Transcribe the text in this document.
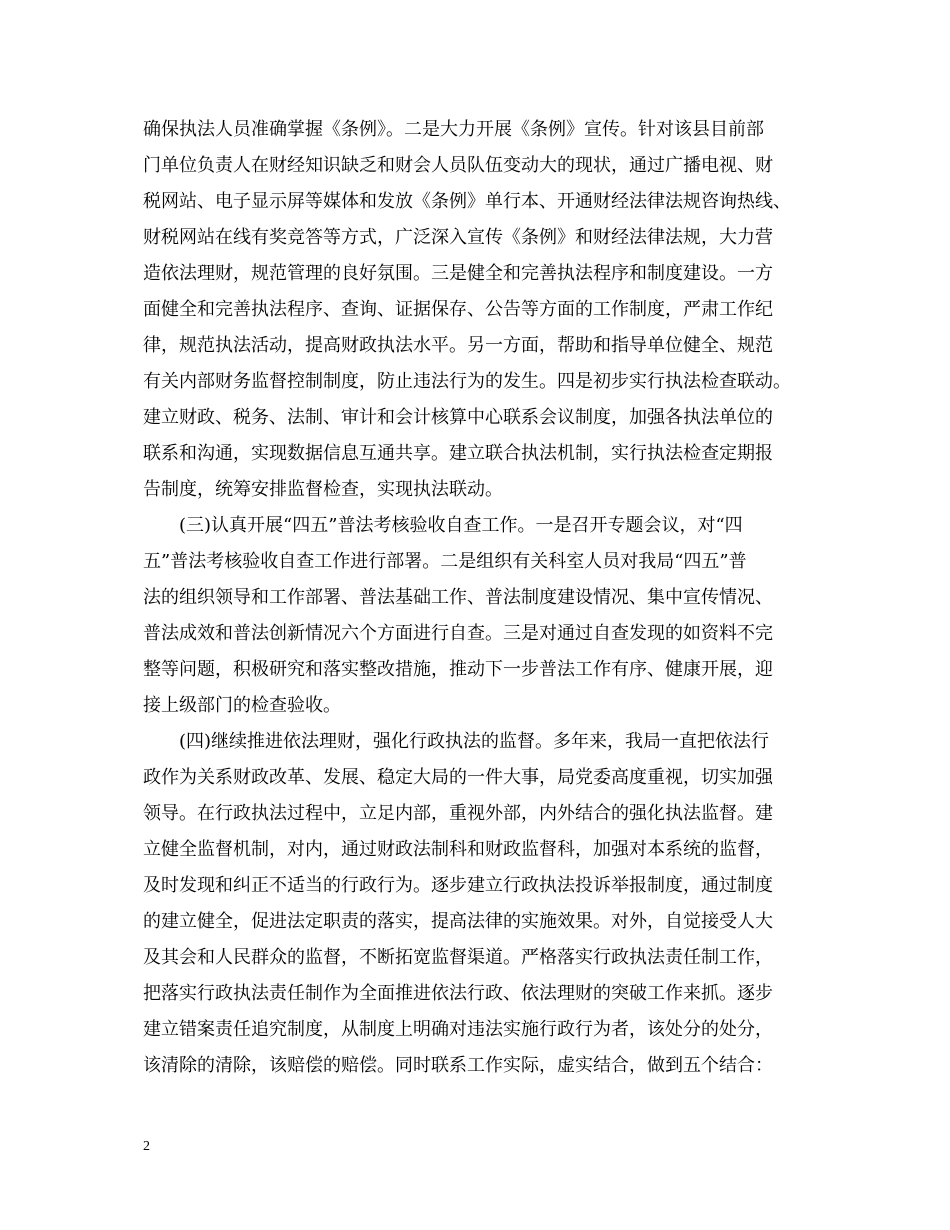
确保执法人员准确掌握《条例》。二是大力开展《条例》宣传。针对该县目前部
门单位负责人在财经知识缺乏和财会人员队伍变动大的现状，通过广播电视、财
税网站、电子显示屏等媒体和发放《条例》单行本、开通财经法律法规咨询热线、
财税网站在线有奖竞答等方式，广泛深入宣传《条例》和财经法律法规，大力营
造依法理财，规范管理的良好氛围。三是健全和完善执法程序和制度建设。一方
面健全和完善执法程序、查询、证据保存、公告等方面的工作制度，严肃工作纪
律，规范执法活动，提高财政执法水平。另一方面，帮助和指导单位健全、规范
有关内部财务监督控制制度，防止违法行为的发生。四是初步实行执法检查联动。
建立财政、税务、法制、审计和会计核算中心联系会议制度，加强各执法单位的
联系和沟通，实现数据信息互通共享。建立联合执法机制，实行执法检查定期报
告制度，统筹安排监督检查，实现执法联动。
(三)认真开展“四五”普法考核验收自查工作。一是召开专题会议，对“四
五”普法考核验收自查工作进行部署。二是组织有关科室人员对我局“四五”普
法的组织领导和工作部署、普法基础工作、普法制度建设情况、集中宣传情况、
普法成效和普法创新情况六个方面进行自查。三是对通过自查发现的如资料不完
整等问题，积极研究和落实整改措施，推动下一步普法工作有序、健康开展，迎
接上级部门的检查验收。
(四)继续推进依法理财，强化行政执法的监督。多年来，我局一直把依法行
政作为关系财政改革、发展、稳定大局的一件大事，局党委高度重视，切实加强
领导。在行政执法过程中，立足内部，重视外部，内外结合的强化执法监督。建
立健全监督机制，对内，通过财政法制科和财政监督科，加强对本系统的监督，
及时发现和纠正不适当的行政行为。逐步建立行政执法投诉举报制度，通过制度
的建立健全，促进法定职责的落实，提高法律的实施效果。对外，自觉接受人大
及其会和人民群众的监督，不断拓宽监督渠道。严格落实行政执法责任制工作，
把落实行政执法责任制作为全面推进依法行政、依法理财的突破工作来抓。逐步
建立错案责任追究制度，从制度上明确对违法实施行政行为者，该处分的处分，
该清除的清除，该赔偿的赔偿。同时联系工作实际，虚实结合，做到五个结合：
2
